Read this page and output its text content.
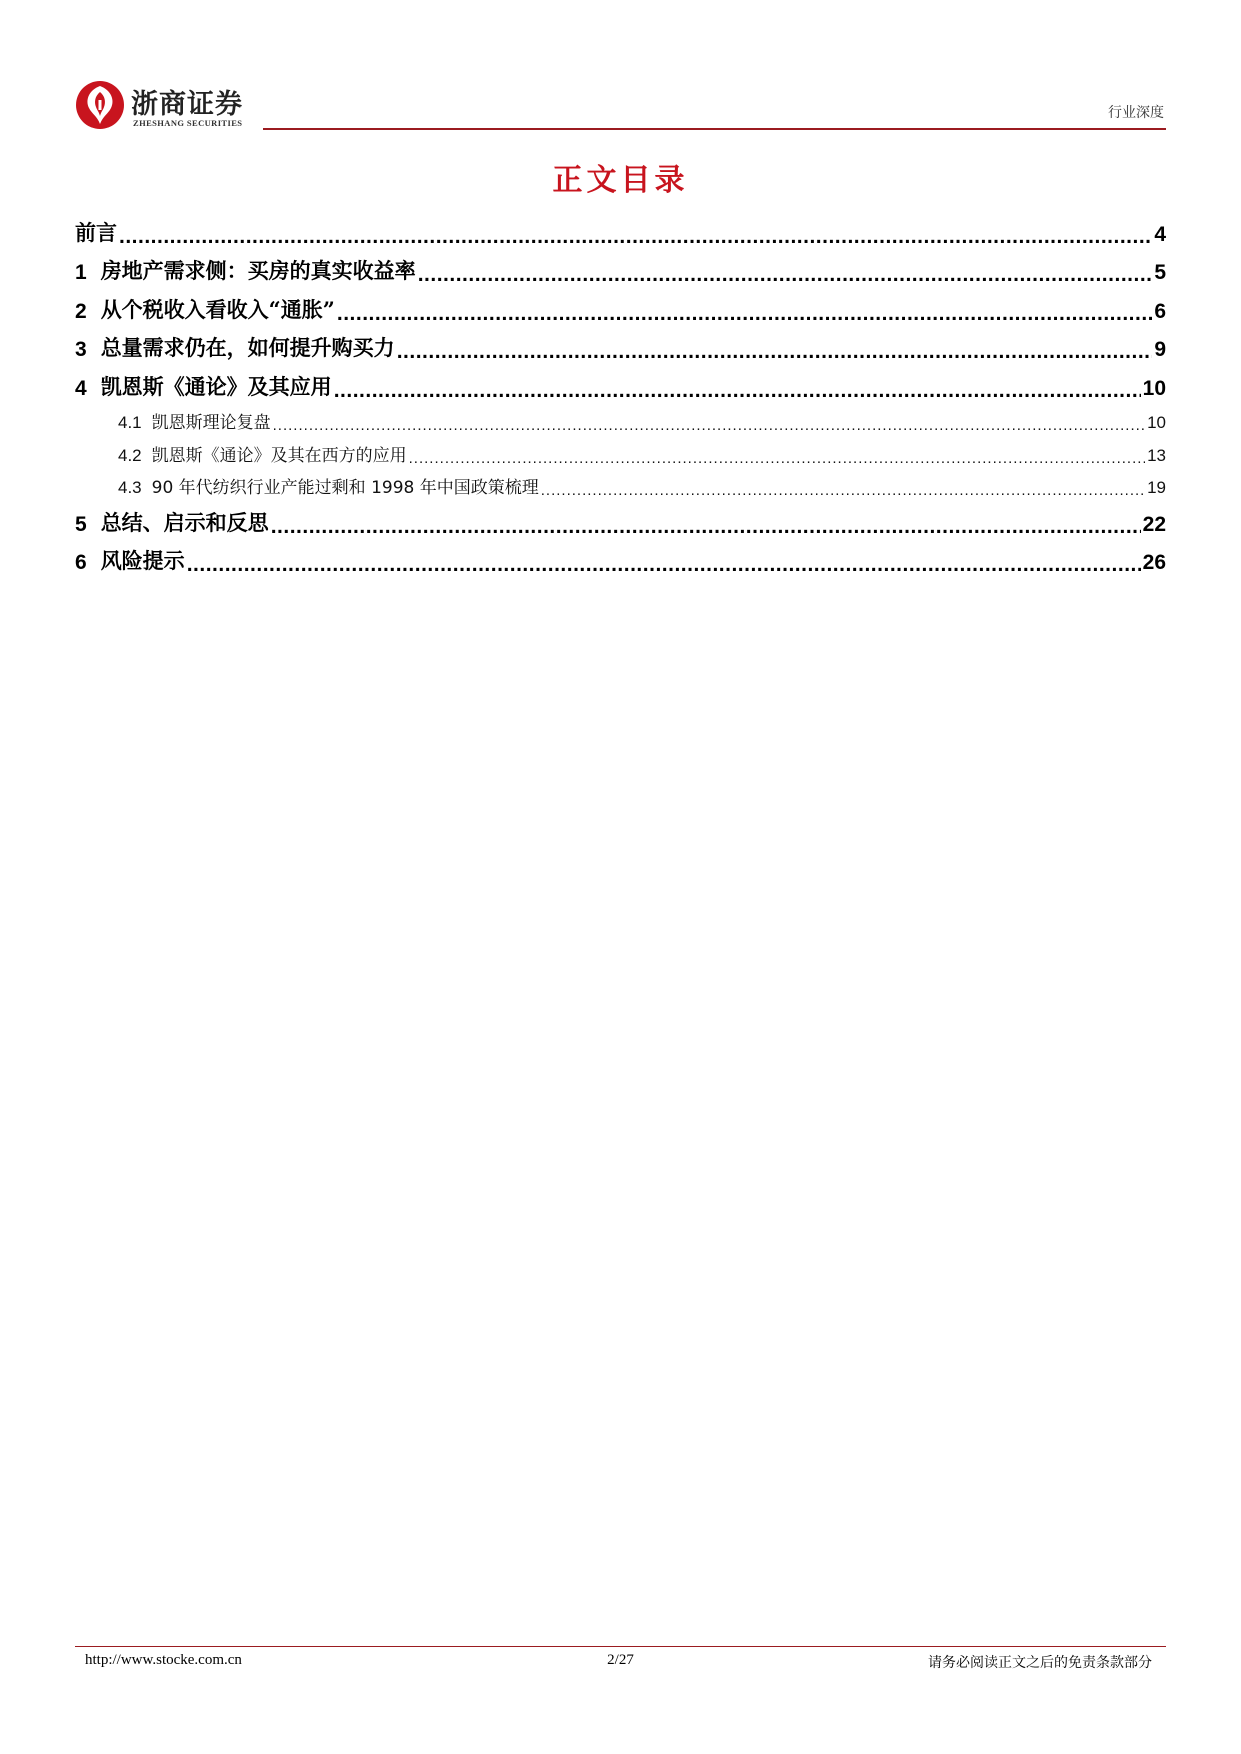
浙商证券
ZHESHANG SECURITIES
行业深度
正文目录
前言 .....	4
1 房地产需求侧：买房的真实收益率 .....	5
2 从个税收入看收入“通胀” .....	6
3 总量需求仍在，如何提升购买力 .....	9
4 凯恩斯《通论》及其应用 .....	10
4.1 凯恩斯理论复盘 .....	10
4.2 凯恩斯《通论》及其在西方的应用 .....	13
4.3 90 年代纺织行业产能过剩和 1998 年中国政策梳理 .....	19
5 总结、启示和反思 .....	22
6 风险提示 .....	26
http://www.stocke.com.cn	2/27	请务必阅读正文之后的免责条款部分
